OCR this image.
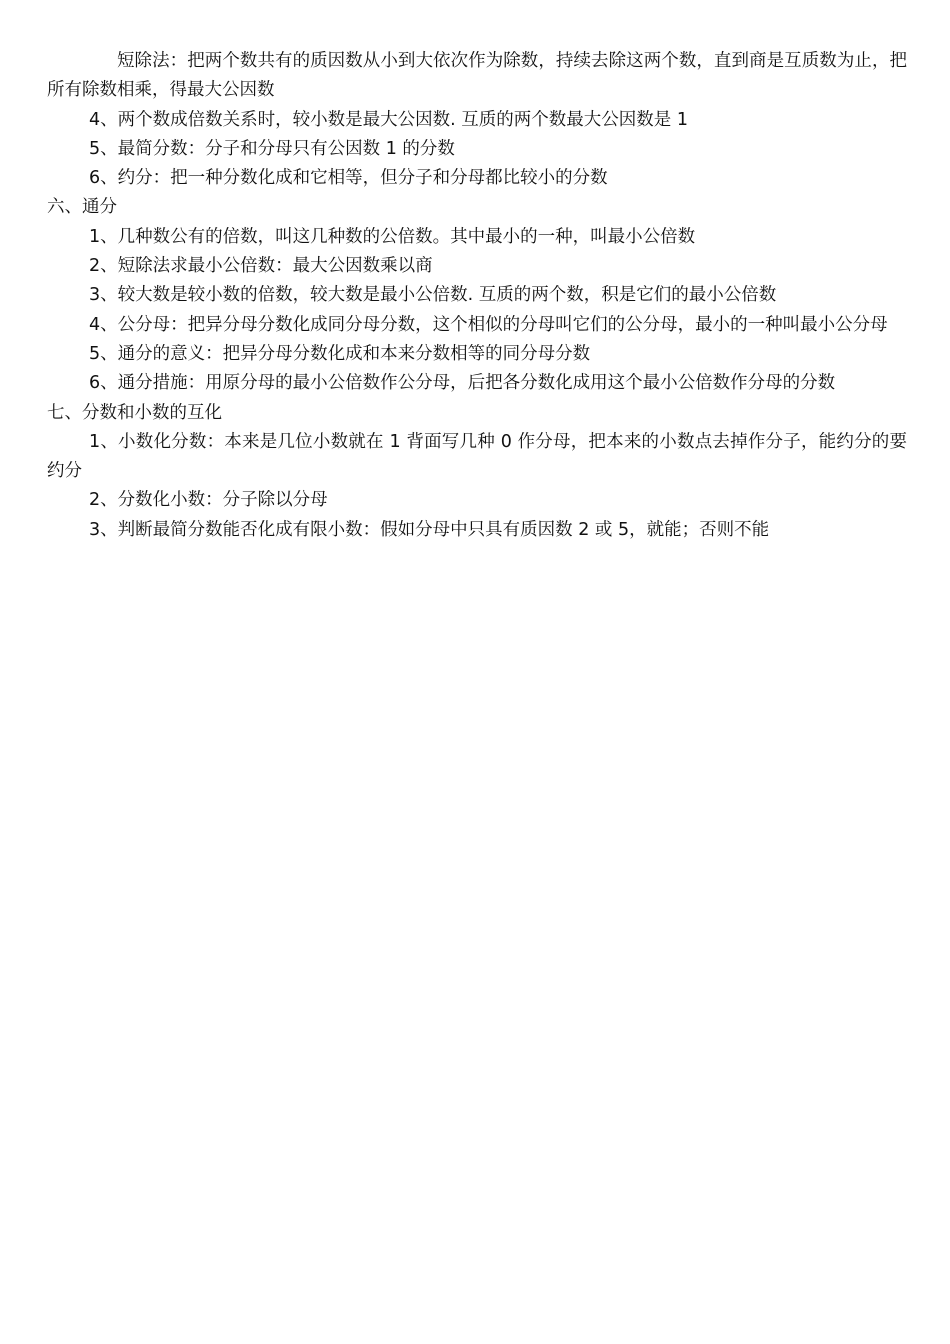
短除法：把两个数共有的质因数从小到大依次作为除数，持续去除这两个数，直到商是互质数为止，把所有除数相乘，得最大公因数

4、两个数成倍数关系时，较小数是最大公因数. 互质的两个数最大公因数是 1

5、最简分数：分子和分母只有公因数 1 的分数

6、约分：把一种分数化成和它相等，但分子和分母都比较小的分数

六、通分

1、几种数公有的倍数，叫这几种数的公倍数。其中最小的一种，叫最小公倍数

2、短除法求最小公倍数：最大公因数乘以商

3、较大数是较小数的倍数，较大数是最小公倍数. 互质的两个数，积是它们的最小公倍数

4、公分母：把异分母分数化成同分母分数，这个相似的分母叫它们的公分母，最小的一种叫最小公分母

5、通分的意义：把异分母分数化成和本来分数相等的同分母分数

6、通分措施：用原分母的最小公倍数作公分母，后把各分数化成用这个最小公倍数作分母的分数

七、分数和小数的互化

1、小数化分数：本来是几位小数就在 1 背面写几种 0 作分母，把本来的小数点去掉作分子，能约分的要约分

2、分数化小数：分子除以分母

3、判断最简分数能否化成有限小数：假如分母中只具有质因数 2 或 5，就能；否则不能
